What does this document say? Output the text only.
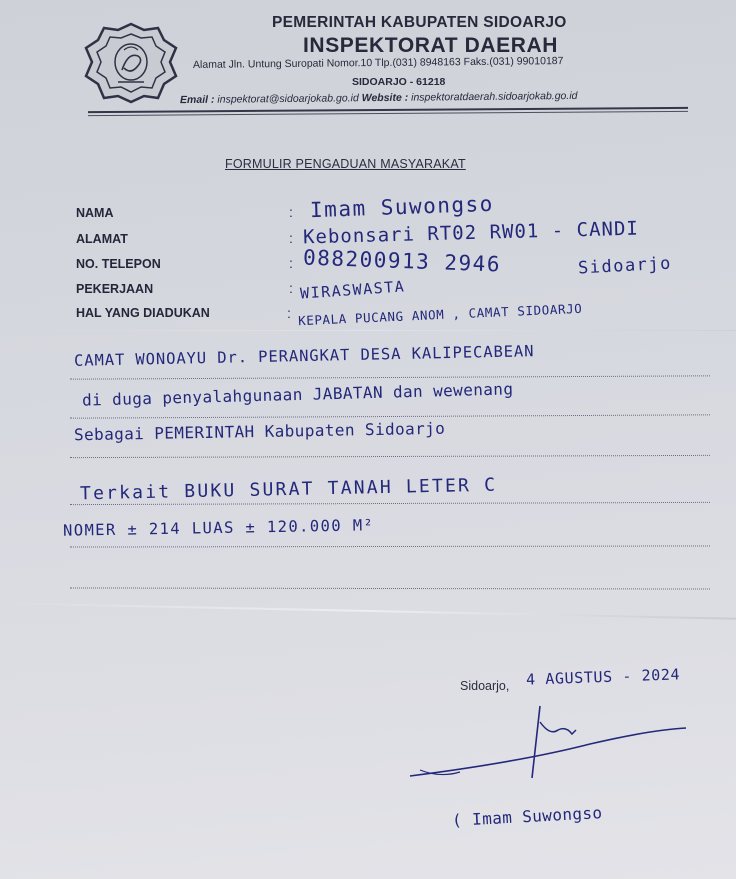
PEMERINTAH KABUPATEN SIDOARJO
INSPEKTORAT DAERAH
Alamat Jln. Untung Suropati Nomor.10 Tlp.(031) 8948163 Faks.(031) 99010187
SIDOARJO - 61218
Email : inspektorat@sidoarjokab.go.id Website : inspektoratdaerah.sidoarjokab.go.id
FORMULIR PENGADUAN MASYARAKAT
NAMA
ALAMAT
NO. TELEPON
PEKERJAAN
HAL YANG DIADUKAN
:
:
:
:
:
Imam Suwongso
Kebonsari RT02 RW01 - CANDI
088200913 2946	Sidoarjo
WIRASWASTA
KEPALA PUCANG ANOM , CAMAT SIDOARJO
CAMAT WONOAYU Dr. PERANGKAT DESA KALIPECABEAN
di duga penyalahgunaan JABATAN dan wewenang
Sebagai PEMERINTAH Kabupaten Sidoarjo
Terkait BUKU SURAT TANAH LETER C
NOMER ± 214 LUAS ± 120.000 M²
Sidoarjo, 4 AGUSTUS - 2024
( Imam Suwongso
